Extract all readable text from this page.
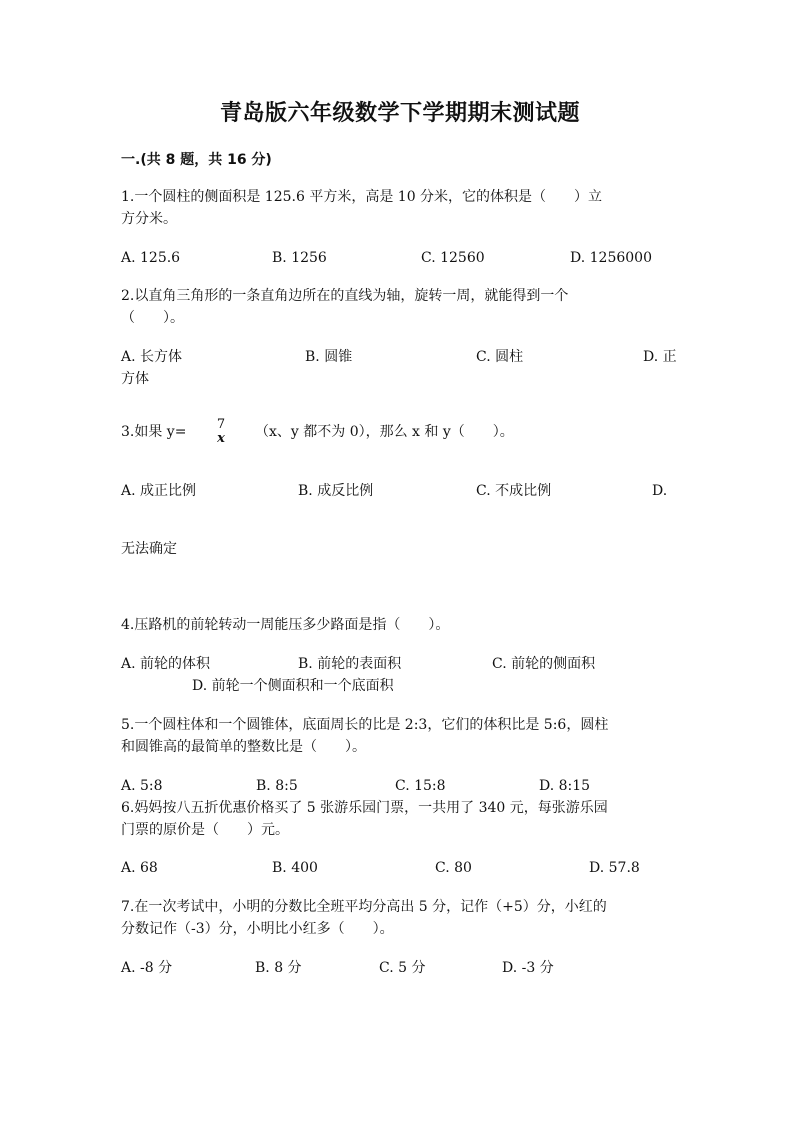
青岛版六年级数学下学期期末测试题
一.(共 8 题，共 16 分)
1.一个圆柱的侧面积是 125.6 平方米，高是 10 分米，它的体积是（　　）立
方分米。
A. 125.6	B. 1256	C. 12560	D. 1256000
2.以直角三角形的一条直角边所在的直线为轴，旋转一周，就能得到一个
（　　）。
A. 长方体	B. 圆锥	C. 圆柱	D. 正
方体
3.如果 y=	7
x	（x、y 都不为 0），那么 x 和 y（　　）。
A. 成正比例	B. 成反比例	C. 不成比例	D.
无法确定
4.压路机的前轮转动一周能压多少路面是指（　　）。
A. 前轮的体积	B. 前轮的表面积	C. 前轮的侧面积
D. 前轮一个侧面积和一个底面积
5.一个圆柱体和一个圆锥体，底面周长的比是 2:3，它们的体积比是 5:6，圆柱
和圆锥高的最简单的整数比是（　　）。
A. 5:8	B. 8:5	C. 15:8	D. 8:15
6.妈妈按八五折优惠价格买了 5 张游乐园门票，一共用了 340 元，每张游乐园
门票的原价是（　　）元。
A. 68	B. 400	C. 80	D. 57.8
7.在一次考试中，小明的分数比全班平均分高出 5 分，记作（+5）分，小红的
分数记作（-3）分，小明比小红多（　　）。
A. -8 分	B. 8 分	C. 5 分	D. -3 分
